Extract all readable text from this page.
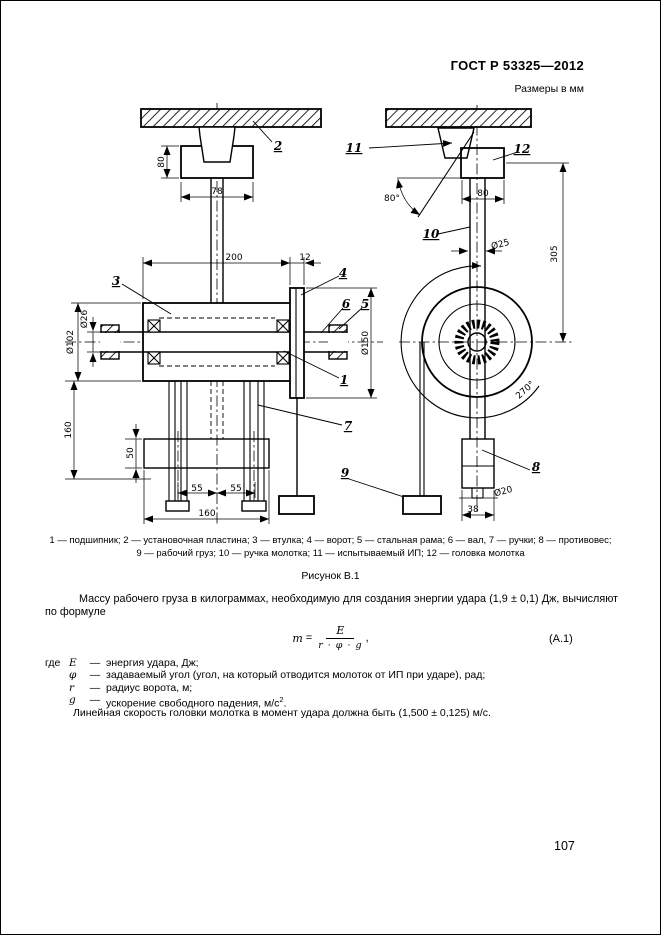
ГОСТ Р 53325—2012
Размеры в мм
2	11	12
3
4
6 5
1
7
9
10
8
80
78
200	12
Ø26
Ø102	Ø150
160
50
55	55
160
80°	80
Ø25
305
270°
Ø20
38
1 — подшипник; 2 — установочная пластина; 3 — втулка; 4 — ворот; 5 — стальная рама; 6 — вал, 7 — ручки; 8 — противовес;
9 — рабочий груз; 10 — ручка молотка; 11 — испытываемый ИП; 12 — головка молотка
Рисунок В.1
Массу рабочего груза в килограммах, необходимую для создания энергии удара (1,9 ± 0,1) Дж, вычисляют по формуле
$m = \frac{E}{r \cdot \varphi \cdot g}$ ,	(А.1)
где E	— энергия удара, Дж;
φ	— задаваемый угол (угол, на который отводится молоток от ИП при ударе), рад;
r	— радиус ворота, м;
g	— ускорение свободного падения, $м/с^2$.
Линейная скорость головки молотка в момент удара должна быть (1,500 ± 0,125) м/с.
107
